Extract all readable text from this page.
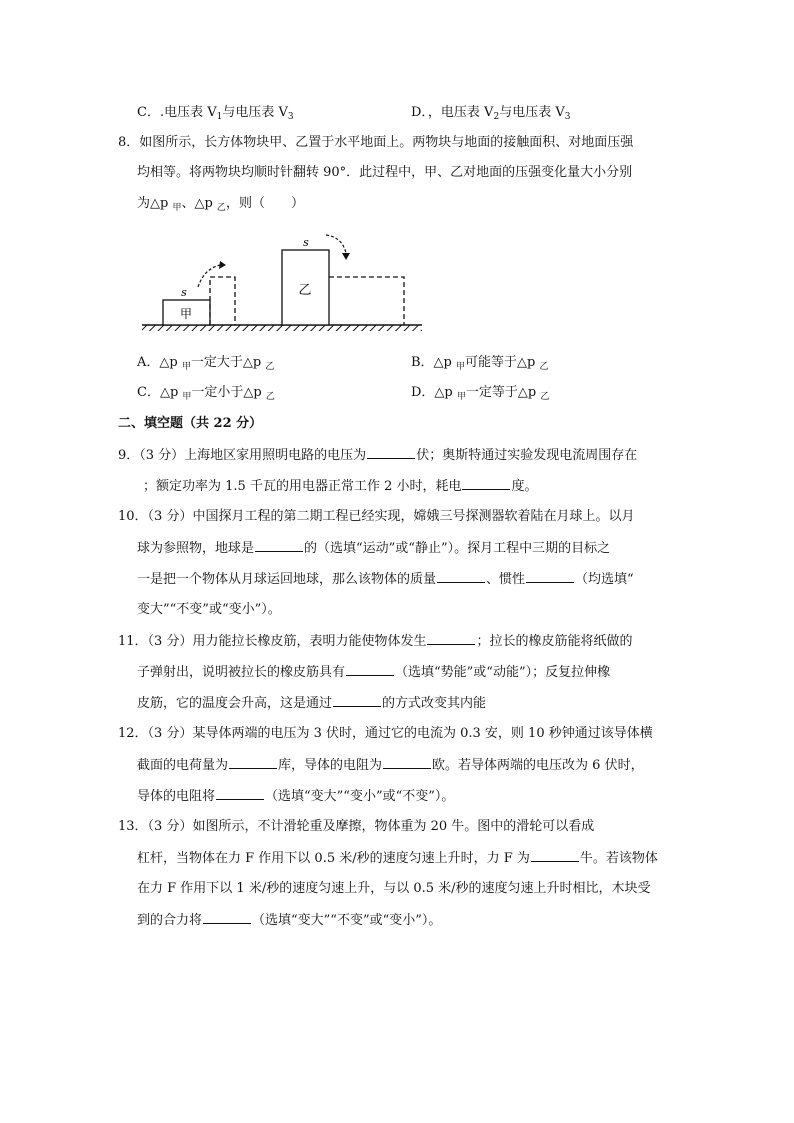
C．.电压表 $V_1$与电压表 $V_3$	D．，电压表 $V_2$与电压表 $V_3$
8．如图所示，长方体物块甲、乙置于水平地面上。两物块与地面的接触面积、对地面压强
均相等。将两物块均顺时针翻转 90°．此过程中，甲、乙对地面的压强变化量大小分别
为△p $_甲$、△p $_乙$，则（　　）
甲
s	乙
s
A．△p $_甲$一定大于△p $_乙$	B．△p $_甲$可能等于△p $_乙$
C．△p $_甲$一定小于△p $_乙$	D．△p $_甲$一定等于△p $_乙$
二、填空题（共 22 分）
9．（3 分）上海地区家用照明电路的电压为	伏；奥斯特通过实验发现电流周围存在
；额定功率为 1.5 千瓦的用电器正常工作 2 小时，耗电	度。
10．（3 分）中国探月工程的第二期工程已经实现，嫦娥三号探测器软着陆在月球上。以月
球为参照物，地球是	的（选填“运动”或“静止”）。探月工程中三期的目标之
一是把一个物体从月球运回地球，那么该物体的质量	、惯性	（均选填“
变大”“不变”或“变小”）。
11．（3 分）用力能拉长橡皮筋，表明力能使物体发生	；拉长的橡皮筋能将纸做的
子弹射出，说明被拉长的橡皮筋具有	（选填“势能”或“动能”）；反复拉伸橡
皮筋，它的温度会升高，这是通过	的方式改变其内能
12．（3 分）某导体两端的电压为 3 伏时，通过它的电流为 0.3 安，则 10 秒钟通过该导体横
截面的电荷量为	库，导体的电阻为	欧。若导体两端的电压改为 6 伏时，
导体的电阻将	（选填“变大”“变小”或“不变”）。
13．（3 分）如图所示，不计滑轮重及摩擦，物体重为 20 牛。图中的滑轮可以看成
杠杆，当物体在力 F 作用下以 0.5 米/秒的速度匀速上升时，力 F 为	牛。若该物体
在力 F 作用下以 1 米/秒的速度匀速上升，与以 0.5 米/秒的速度匀速上升时相比，木块受
到的合力将	（选填“变大”“不变”或“变小”）。
